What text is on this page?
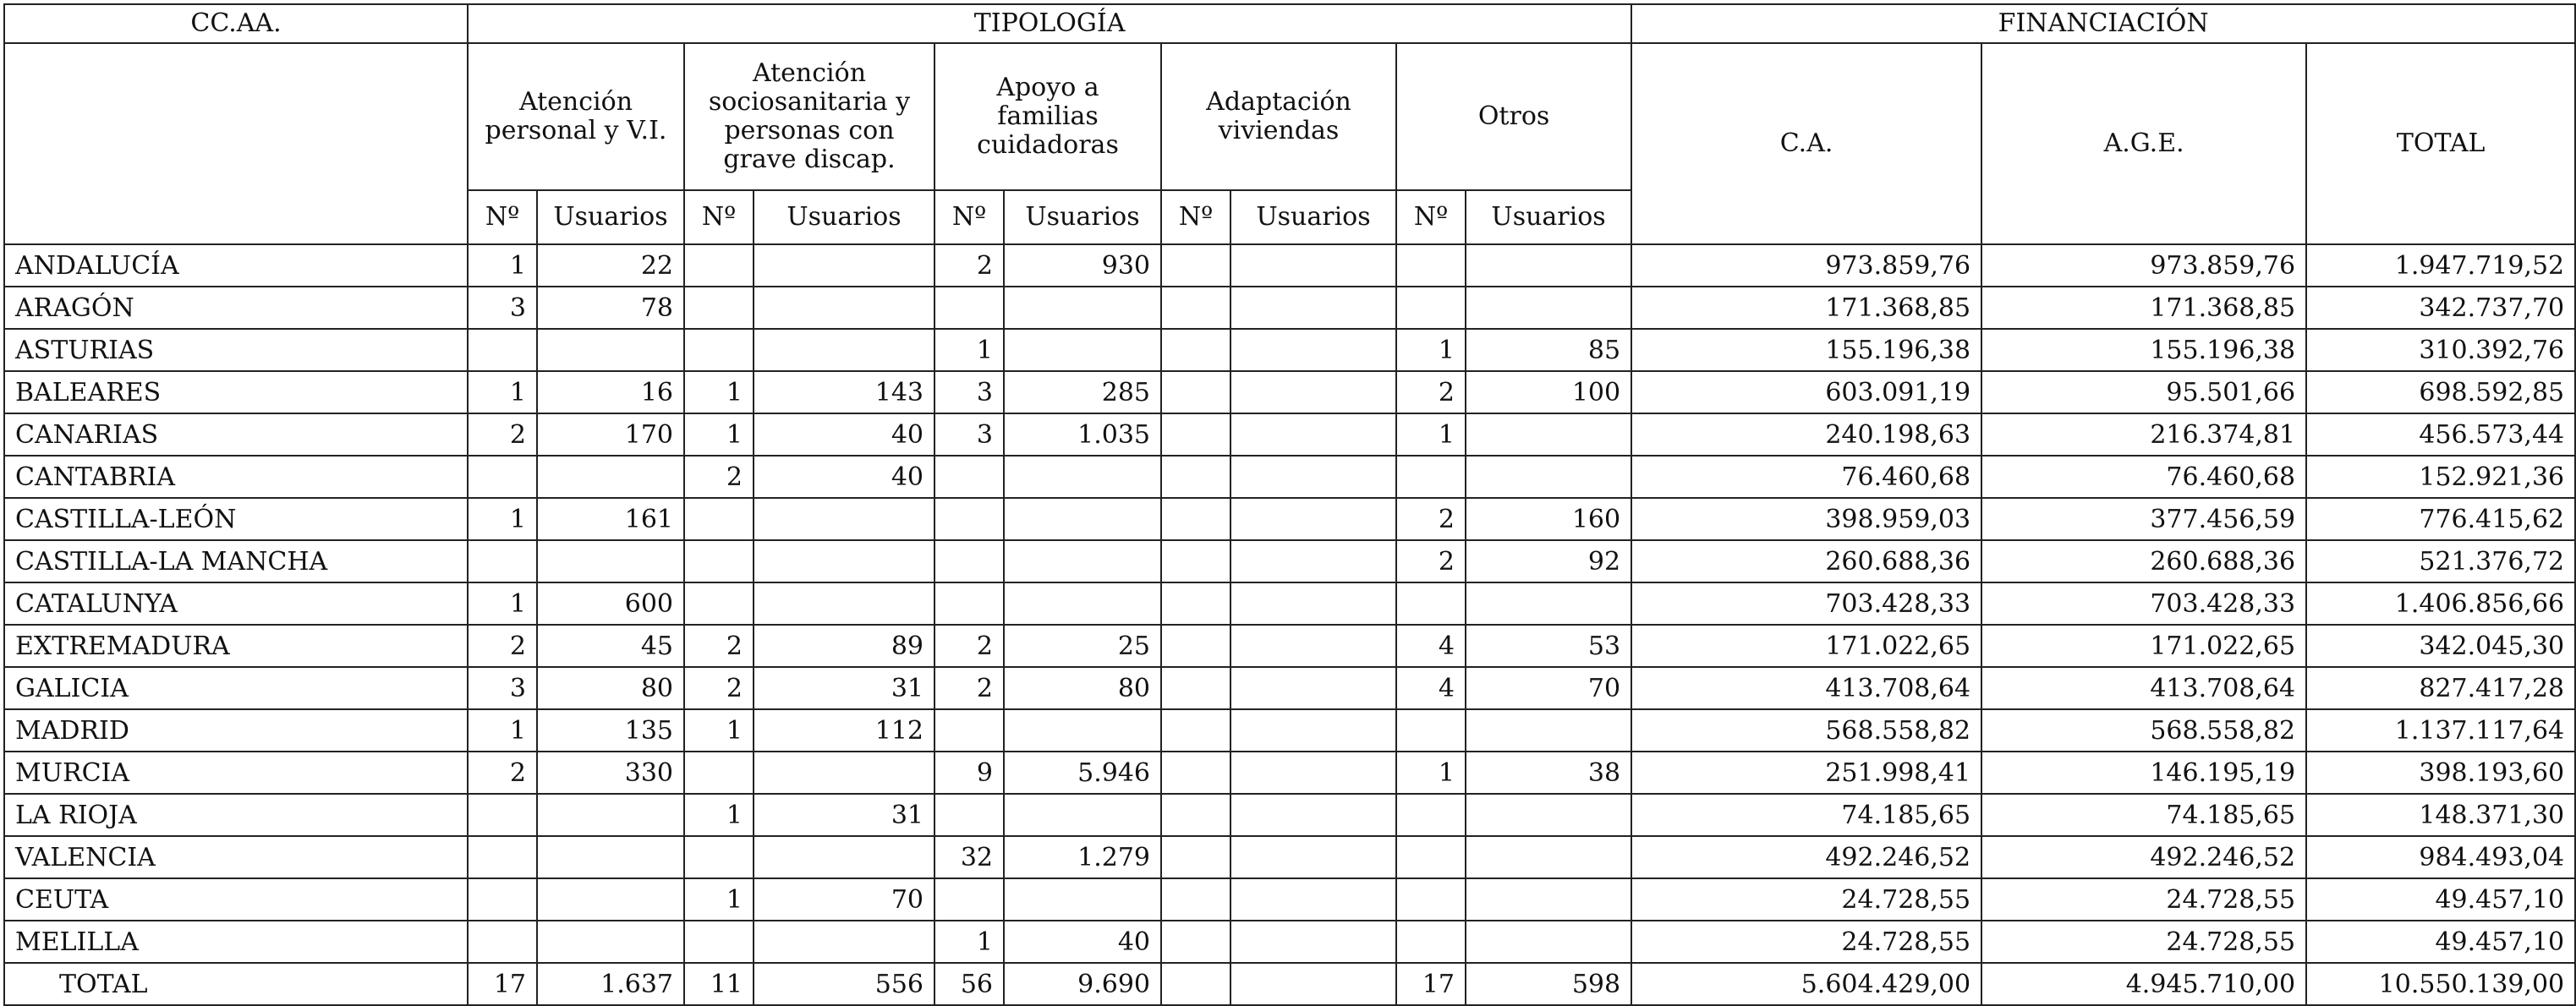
CC.AA.	TIPOLOGÍA										FINANCIACIÓN		
	Atención personal y V.I.		Atención sociosanitaria y personas con grave discap.		Apoyo a familias cuidadoras		Adaptación viviendas		Otros		C.A.	A.G.E.	TOTAL
	Nº	Usuarios	Nº	Usuarios	Nº	Usuarios	Nº	Usuarios	Nº	Usuarios			
ANDALUCÍA	1	22			2	930					973.859,76	973.859,76	1.947.719,52
ARAGÓN	3	78									171.368,85	171.368,85	342.737,70
ASTURIAS					1				1	85	155.196,38	155.196,38	310.392,76
BALEARES	1	16	1	143	3	285			2	100	603.091,19	95.501,66	698.592,85
CANARIAS	2	170	1	40	3	1.035			1		240.198,63	216.374,81	456.573,44
CANTABRIA			2	40							76.460,68	76.460,68	152.921,36
CASTILLA-LEÓN	1	161							2	160	398.959,03	377.456,59	776.415,62
CASTILLA-LA MANCHA									2	92	260.688,36	260.688,36	521.376,72
CATALUNYA	1	600									703.428,33	703.428,33	1.406.856,66
EXTREMADURA	2	45	2	89	2	25			4	53	171.022,65	171.022,65	342.045,30
GALICIA	3	80	2	31	2	80			4	70	413.708,64	413.708,64	827.417,28
MADRID	1	135	1	112							568.558,82	568.558,82	1.137.117,64
MURCIA	2	330			9	5.946			1	38	251.998,41	146.195,19	398.193,60
LA RIOJA			1	31							74.185,65	74.185,65	148.371,30
VALENCIA					32	1.279					492.246,52	492.246,52	984.493,04
CEUTA			1	70							24.728,55	24.728,55	49.457,10
MELILLA					1	40					24.728,55	24.728,55	49.457,10
TOTAL	17	1.637	11	556	56	9.690			17	598	5.604.429,00	4.945.710,00	10.550.139,00
